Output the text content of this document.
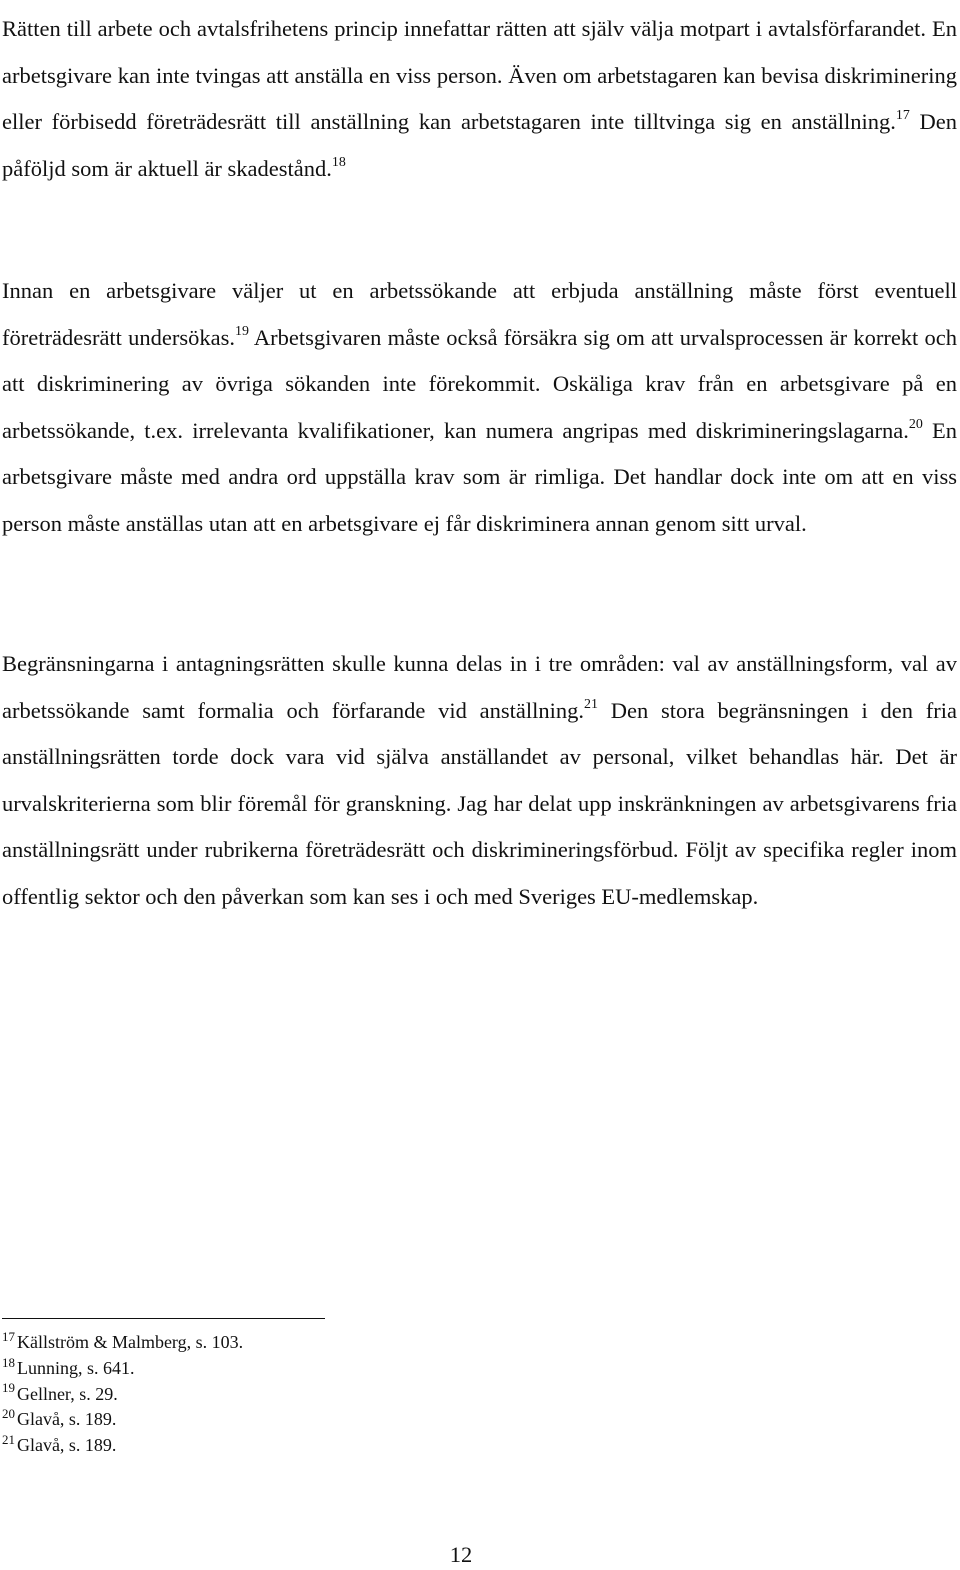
Rätten till arbete och avtalsfrihetens princip innefattar rätten att själv välja motpart i avtalsförfarandet. En arbetsgivare kan inte tvingas att anställa en viss person. Även om arbetstagaren kan bevisa diskriminering eller förbisedd företrädesrätt till anställning kan arbetstagaren inte tilltvinga sig en anställning.$^{17}$ Den påföljd som är aktuell är skadestånd.$^{18}$

Innan en arbetsgivare väljer ut en arbetssökande att erbjuda anställning måste först eventuell företrädesrätt undersökas.$^{19}$ Arbetsgivaren måste också försäkra sig om att urvalsprocessen är korrekt och att diskriminering av övriga sökanden inte förekommit. Oskäliga krav från en arbetsgivare på en arbetssökande, t.ex. irrelevanta kvalifikationer, kan numera angripas med diskrimineringslagarna.$^{20}$ En arbetsgivare måste med andra ord uppställa krav som är rimliga. Det handlar dock inte om att en viss person måste anställas utan att en arbetsgivare ej får diskriminera annan genom sitt urval.

Begränsningarna i antagningsrätten skulle kunna delas in i tre områden: val av anställningsform, val av arbetssökande samt formalia och förfarande vid anställning.$^{21}$ Den stora begränsningen i den fria anställningsrätten torde dock vara vid själva anställandet av personal, vilket behandlas här. Det är urvalskriterierna som blir föremål för granskning. Jag har delat upp inskränkningen av arbetsgivarens fria anställningsrätt under rubrikerna företrädesrätt och diskrimineringsförbud. Följt av specifika regler inom offentlig sektor och den påverkan som kan ses i och med Sveriges EU-medlemskap.

$^{17}$ Källström & Malmberg, s. 103.

$^{18}$ Lunning, s. 641.

$^{19}$ Gellner, s. 29.

$^{20}$ Glavå, s. 189.

$^{21}$ Glavå, s. 189.

12
